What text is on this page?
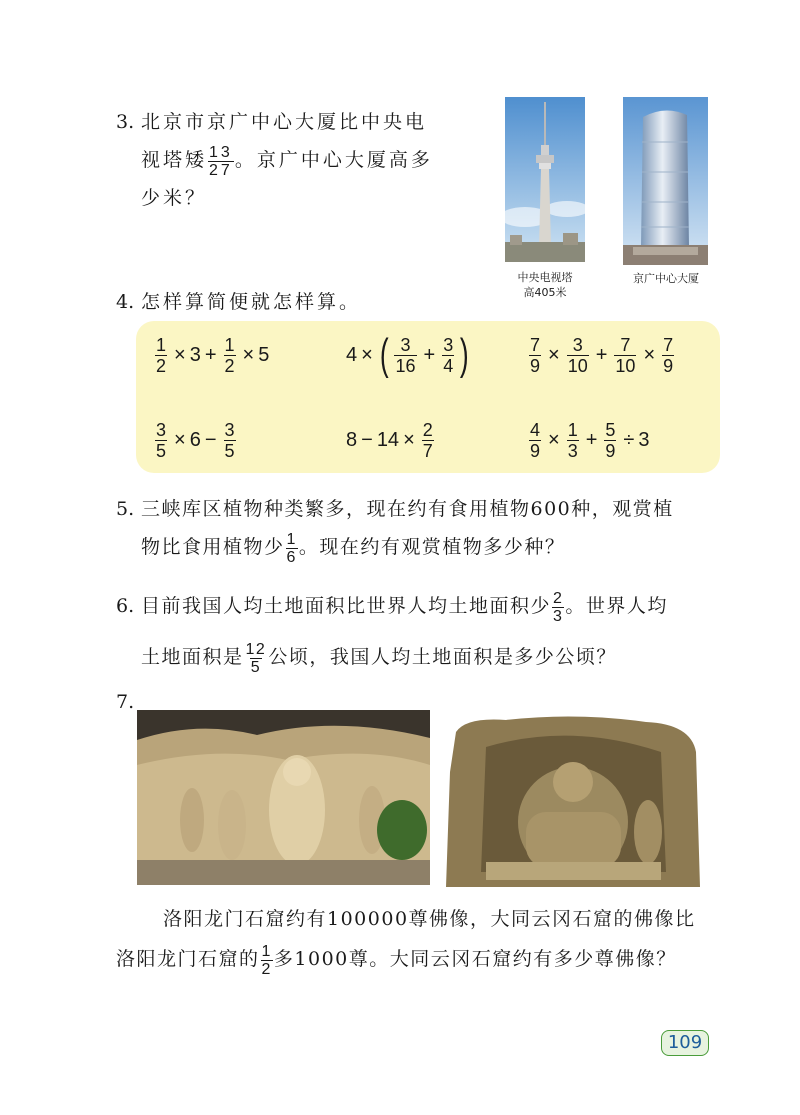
3. 北京市京广中心大厦比中央电
视塔矮 $\frac{13}{27}$ 。京广中心大厦高多
少米？
中央电视塔
高405米
京广中心大厦
4. 怎样算简便就怎样算。
$\frac{1}{2} \times 3 + \frac{1}{2} \times 5$	4 × ( $\frac{3}{16} + \frac{3}{4}$ )	$\frac{7}{9} \times \frac{3}{10} + \frac{7}{10} \times \frac{7}{9}$
$\frac{3}{5} \times 6 - \frac{3}{5}$	$8 - 14 \times \frac{2}{7}$	$\frac{4}{9} \times \frac{1}{3} + \frac{5}{9} \div 3$
5. 三峡库区植物种类繁多，现在约有食用植物600种，观赏植
物比食用植物少 $\frac{1}{6}$ 。现在约有观赏植物多少种？
6. 目前我国人均土地面积比世界人均土地面积少 $\frac{2}{3}$ 。世界人均
土地面积是 $\frac{12}{5}$ 公顷，我国人均土地面积是多少公顷？
7.
洛阳龙门石窟约有100000尊佛像，大同云冈石窟的佛像比
洛阳龙门石窟的 $\frac{1}{2}$ 多1000尊。大同云冈石窟约有多少尊佛像？
109
